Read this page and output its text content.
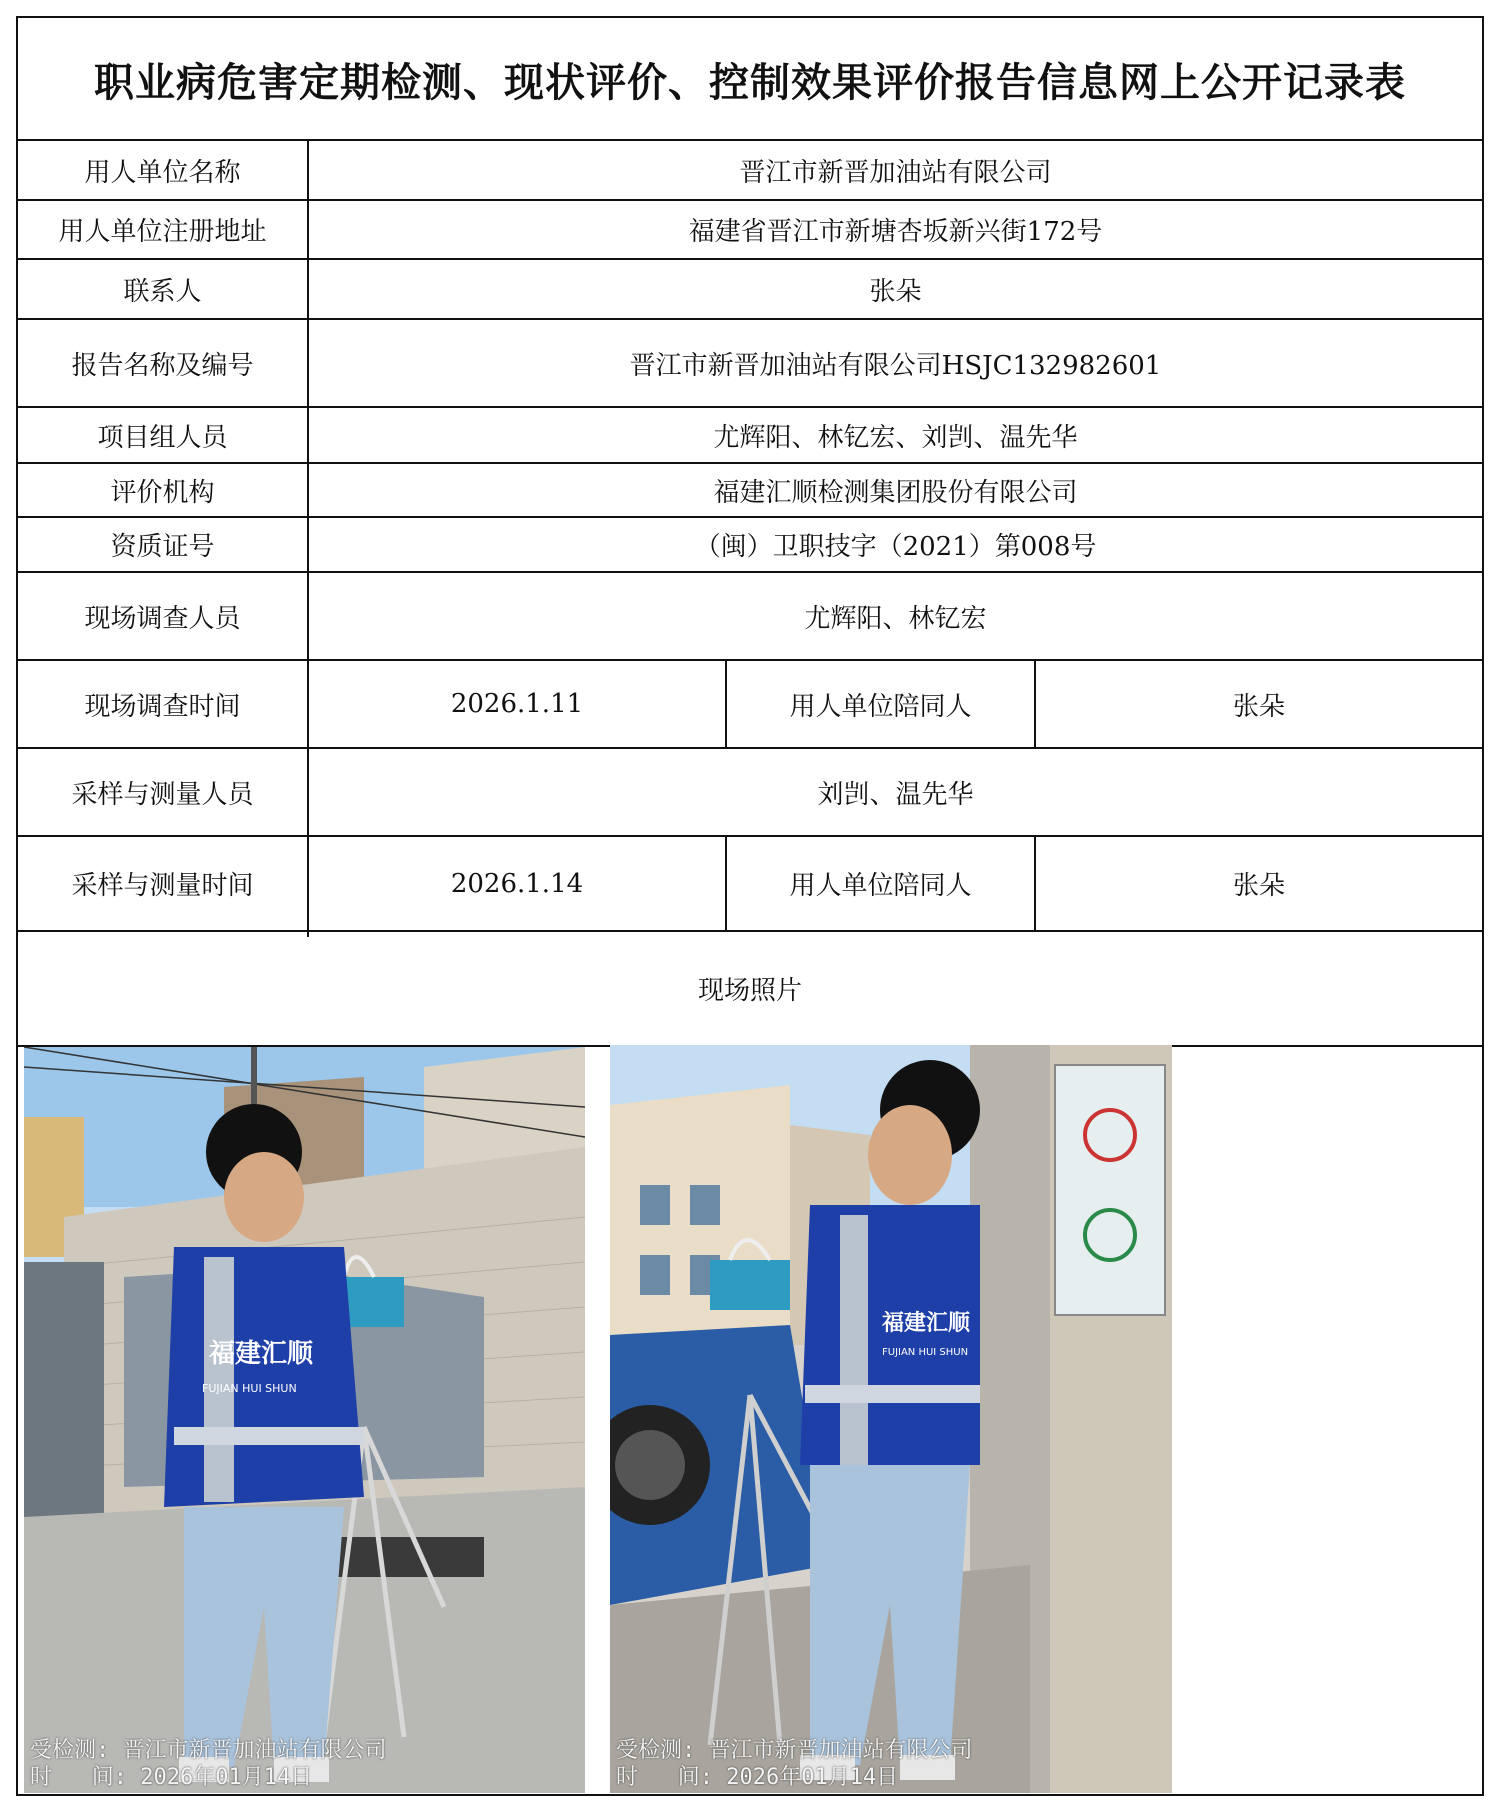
职业病危害定期检测、现状评价、控制效果评价报告信息网上公开记录表
用人单位名称	晋江市新晋加油站有限公司
用人单位注册地址	福建省晋江市新塘杏坂新兴街172号
联系人	张朵
报告名称及编号	晋江市新晋加油站有限公司HSJC132982601
项目组人员	尤辉阳、林钇宏、刘剀、温先华
评价机构	福建汇顺检测集团股份有限公司
资质证号	（闽）卫职技字（2021）第008号
现场调查人员	尤辉阳、林钇宏
现场调查时间	2026.1.11	用人单位陪同人	张朵
采样与测量人员	刘剀、温先华
采样与测量时间	2026.1.14	用人单位陪同人	张朵
现场照片
福建汇顺
FUJIAN HUI SHUN
受检测: 晋江市新晋加油站有限公司
时   间: 2026年01月14日
福建汇顺
FUJIAN HUI SHUN
受检测: 晋江市新晋加油站有限公司
时   间: 2026年01月14日
